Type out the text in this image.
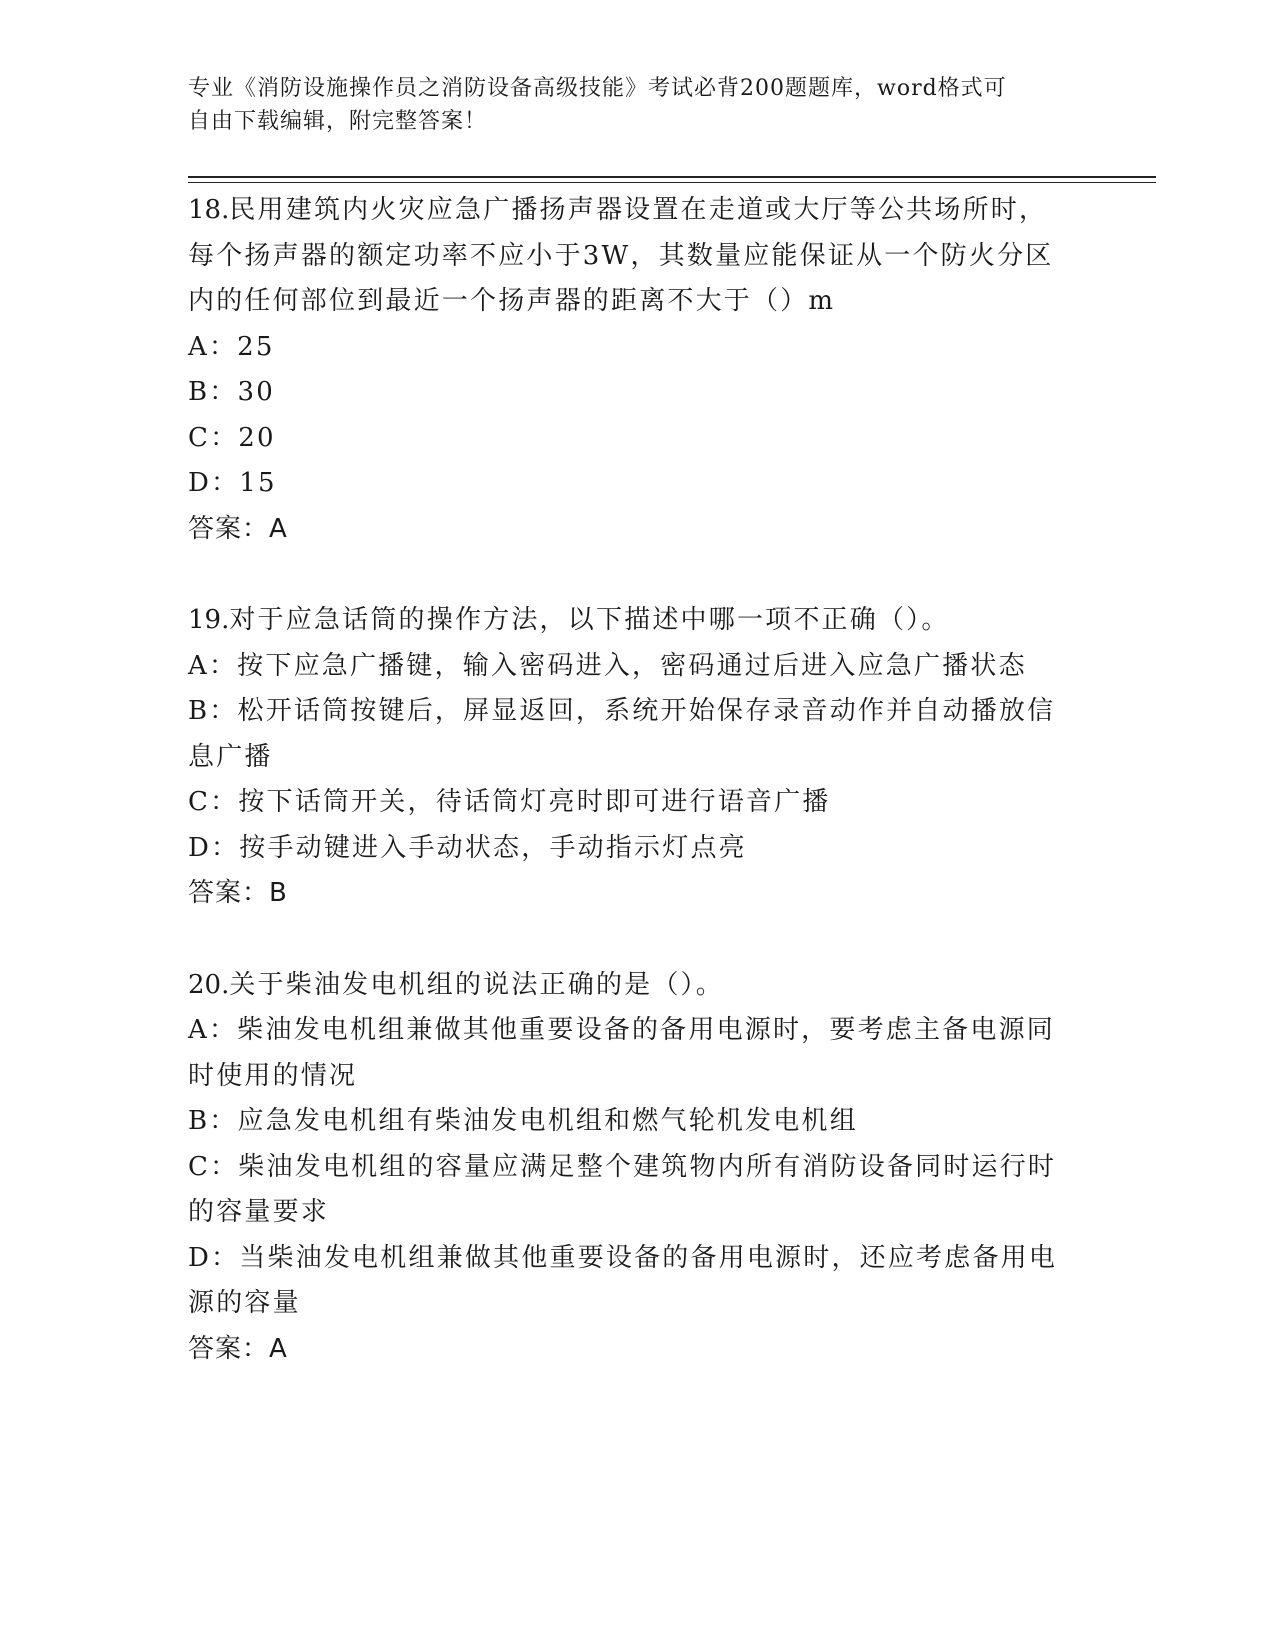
专业《消防设施操作员之消防设备高级技能》考试必背200题题库，word格式可
自由下载编辑，附完整答案！

18.民用建筑内火灾应急广播扬声器设置在走道或大厅等公共场所时，每个扬声器的额定功率不应小于3W，其数量应能保证从一个防火分区内的任何部位到最近一个扬声器的距离不大于（）m

A：25

B：30

C：20

D：15

答案：A

19.对于应急话筒的操作方法，以下描述中哪一项不正确（）。

A：按下应急广播键，输入密码进入，密码通过后进入应急广播状态

B：松开话筒按键后，屏显返回，系统开始保存录音动作并自动播放信息广播

C：按下话筒开关，待话筒灯亮时即可进行语音广播

D：按手动键进入手动状态，手动指示灯点亮

答案：B

20.关于柴油发电机组的说法正确的是（）。

A：柴油发电机组兼做其他重要设备的备用电源时，要考虑主备电源同时使用的情况

B：应急发电机组有柴油发电机组和燃气轮机发电机组

C：柴油发电机组的容量应满足整个建筑物内所有消防设备同时运行时的容量要求

D：当柴油发电机组兼做其他重要设备的备用电源时，还应考虑备用电源的容量

答案：A
